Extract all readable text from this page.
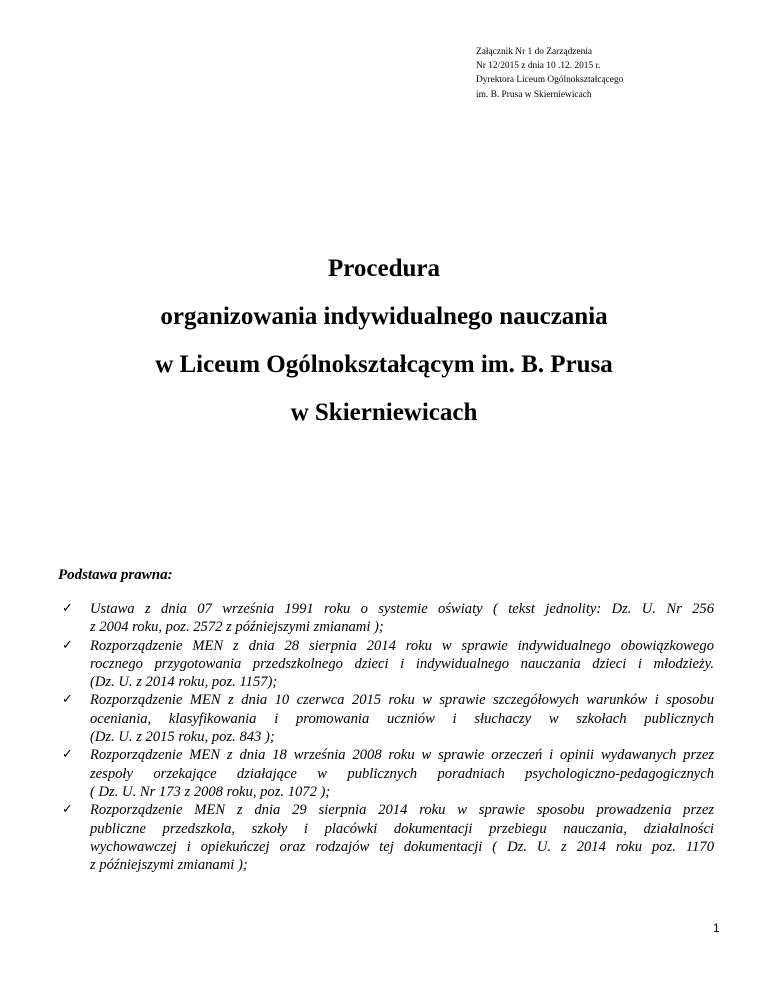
Załącznik Nr 1 do Zarządzenia
Nr 12/2015 z dnia 10 .12. 2015 r.
Dyrektora Liceum Ogólnokształcącego
im. B. Prusa w Skierniewicach
Procedura
organizowania indywidualnego nauczania
w Liceum Ogólnokształcącym im. B. Prusa
w Skierniewicach
Podstawa prawna:
✓ Ustawa z dnia 07 września 1991 roku o systemie oświaty ( tekst jednolity: Dz. U. Nr 256
z 2004 roku, poz. 2572 z późniejszymi zmianami );
✓ Rozporządzenie MEN z dnia 28 sierpnia 2014 roku w sprawie indywidualnego obowiązkowego
rocznego przygotowania przedszkolnego dzieci i indywidualnego nauczania dzieci i młodzieży.
(Dz. U. z 2014 roku, poz. 1157);
✓ Rozporządzenie MEN z dnia 10 czerwca 2015 roku w sprawie szczegółowych warunków i sposobu
oceniania, klasyfikowania i promowania uczniów i słuchaczy w szkołach publicznych
(Dz. U. z 2015 roku, poz. 843 );
✓ Rozporządzenie MEN z dnia 18 września 2008 roku w sprawie orzeczeń i opinii wydawanych przez
zespoły orzekające działające w publicznych poradniach psychologiczno-pedagogicznych
( Dz. U. Nr 173 z 2008 roku, poz. 1072 );
✓ Rozporządzenie MEN z dnia 29 sierpnia 2014 roku w sprawie sposobu prowadzenia przez
publiczne przedszkola, szkoły i placówki dokumentacji przebiegu nauczania, działalności
wychowawczej i opiekuńczej oraz rodzajów tej dokumentacji ( Dz. U. z 2014 roku poz. 1170
z późniejszymi zmianami );
1
